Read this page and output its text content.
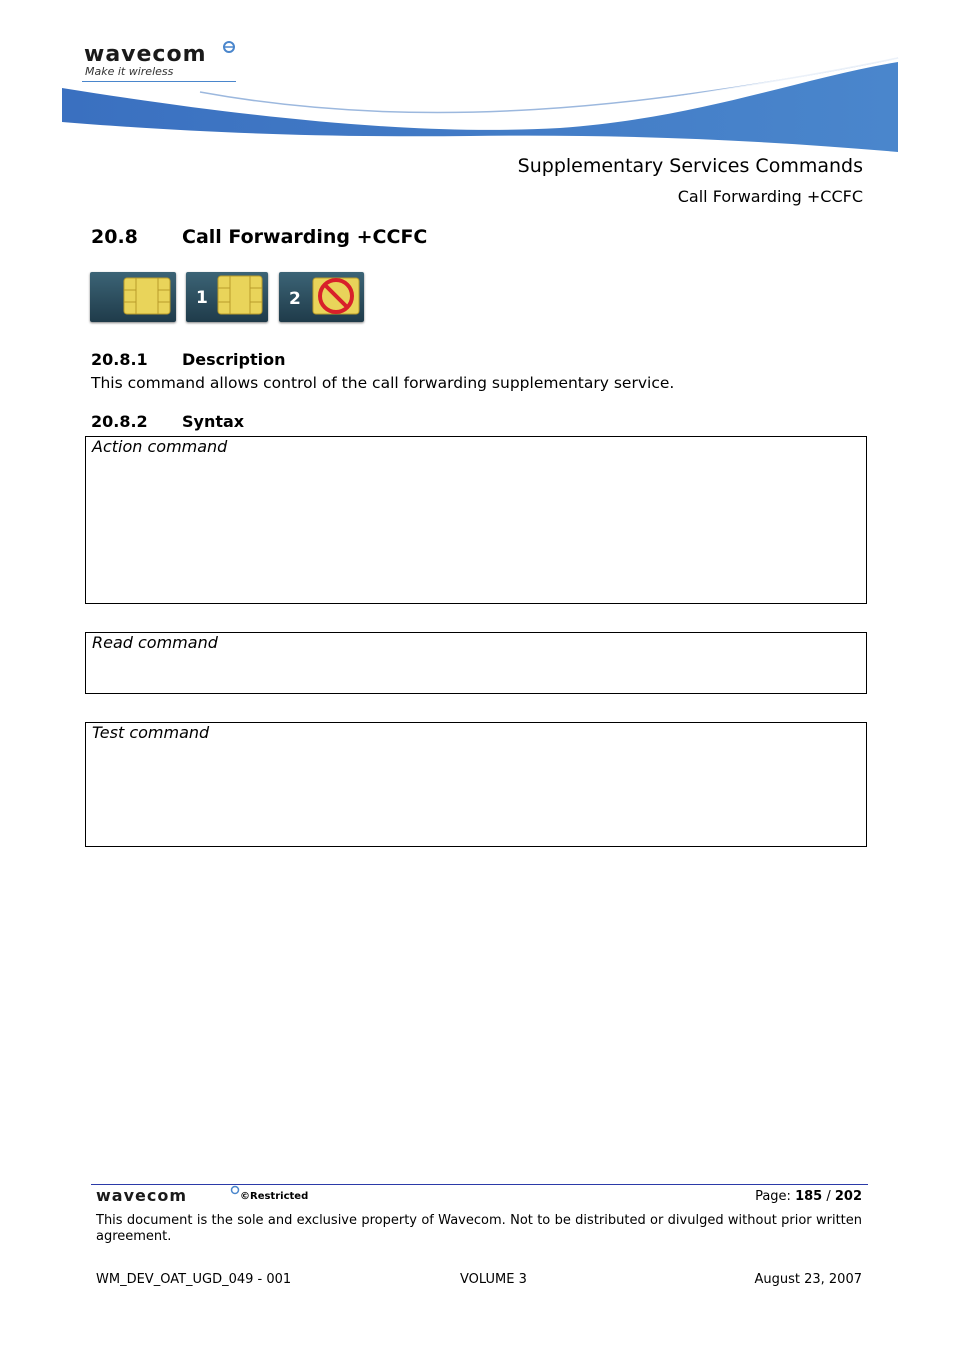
wavecom
Make it wireless
Supplementary Services Commands
Call Forwarding +CCFC
20.8 Call Forwarding +CCFC
1	2
20.8.1 Description
This command allows control of the call forwarding supplementary service.
20.8.2 Syntax
Action command
Read command
Test command
wavecom	©Restricted	Page: 185 / 202
This document is the sole and exclusive property of Wavecom. Not to be distributed or divulged without prior written agreement.
WM_DEV_OAT_UGD_049 - 001	VOLUME 3	August 23, 2007
